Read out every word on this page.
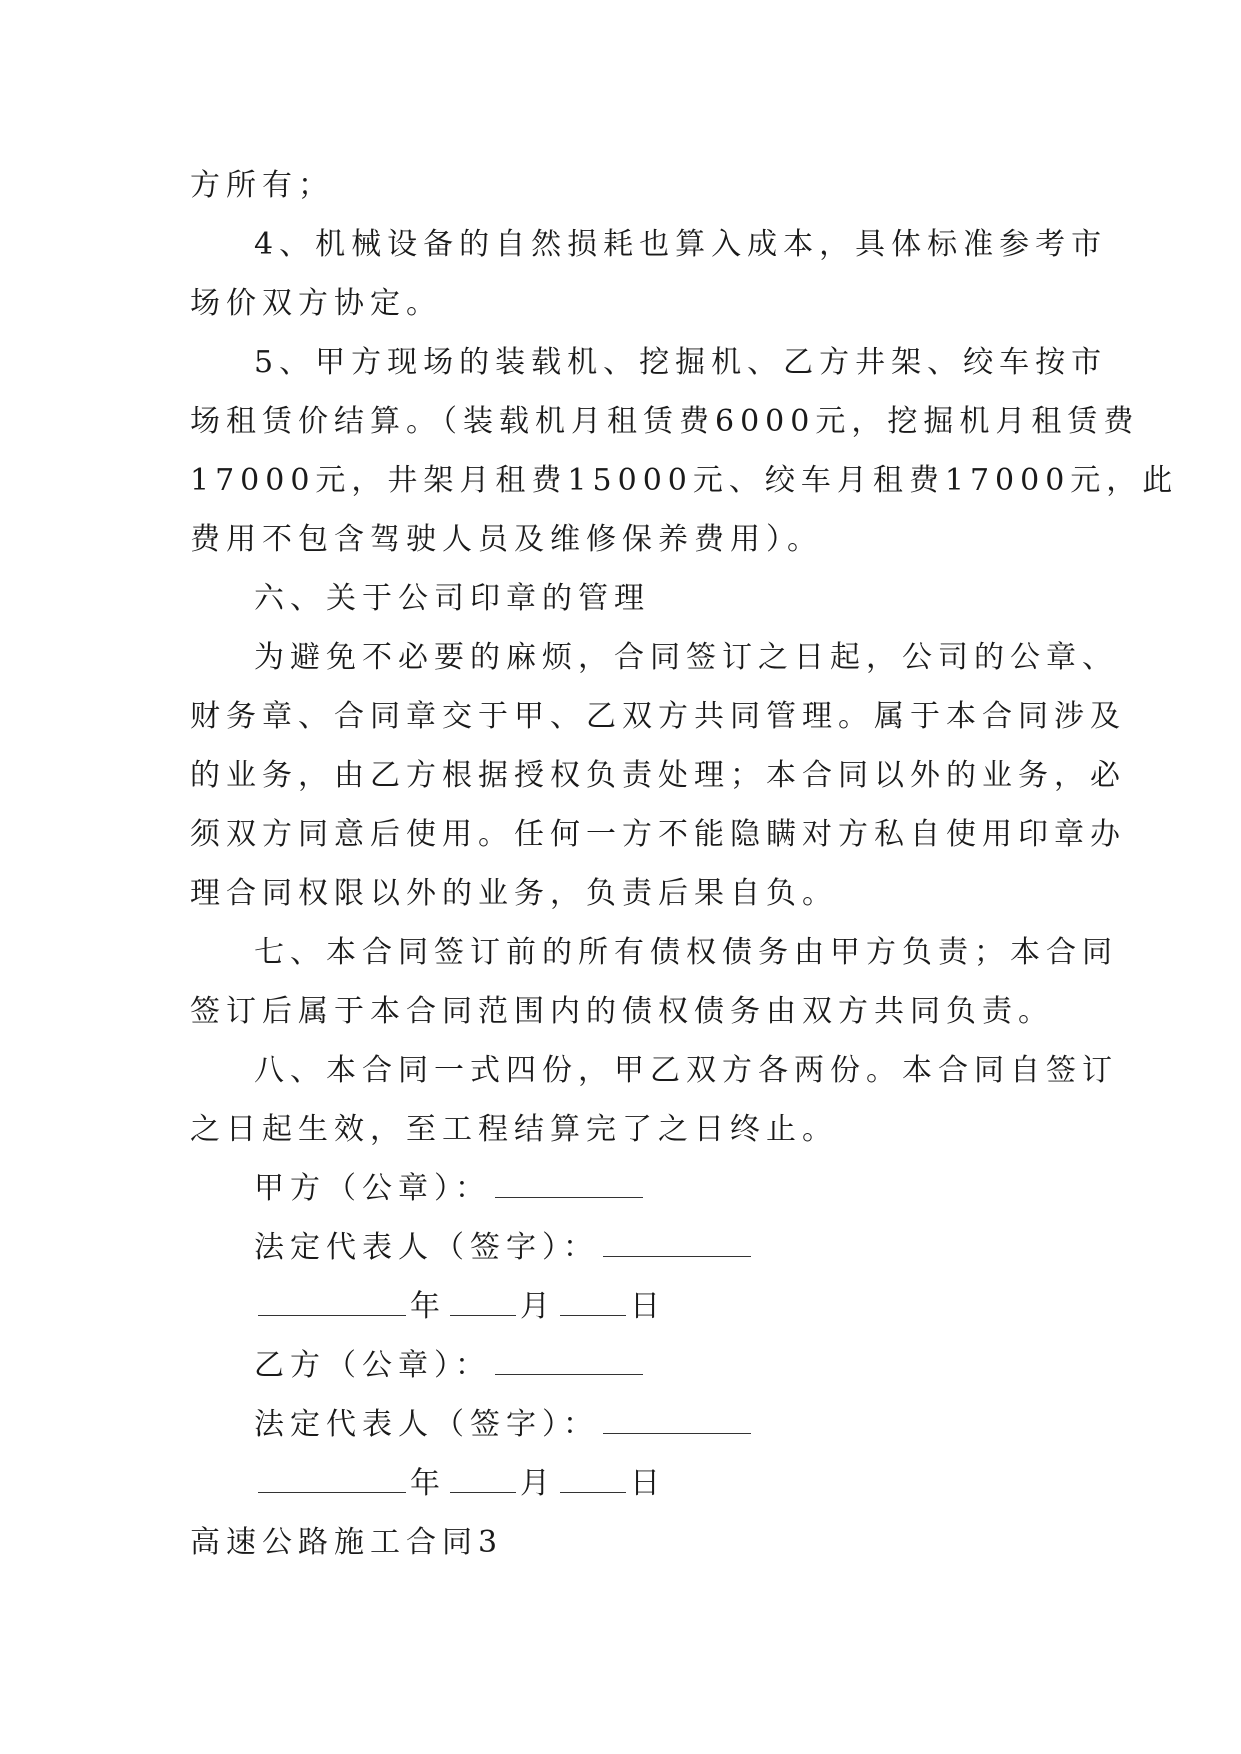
方所有；
4、机械设备的自然损耗也算入成本，具体标准参考市
场价双方协定。
5、甲方现场的装载机、挖掘机、乙方井架、绞车按市
场租赁价结算。（装载机月租赁费6000元，挖掘机月租赁费
17000元，井架月租费15000元、绞车月租费17000元，此
费用不包含驾驶人员及维修保养费用）。
六、关于公司印章的管理
为避免不必要的麻烦，合同签订之日起，公司的公章、
财务章、合同章交于甲、乙双方共同管理。属于本合同涉及
的业务，由乙方根据授权负责处理；本合同以外的业务，必
须双方同意后使用。任何一方不能隐瞒对方私自使用印章办
理合同权限以外的业务，负责后果自负。
七、本合同签订前的所有债权债务由甲方负责；本合同
签订后属于本合同范围内的债权债务由双方共同负责。
八、本合同一式四份，甲乙双方各两份。本合同自签订
之日起生效，至工程结算完了之日终止。
甲方（公章）：
法定代表人（签字）：
年 月 日
乙方（公章）：
法定代表人（签字）：
年 月 日
高速公路施工合同3
